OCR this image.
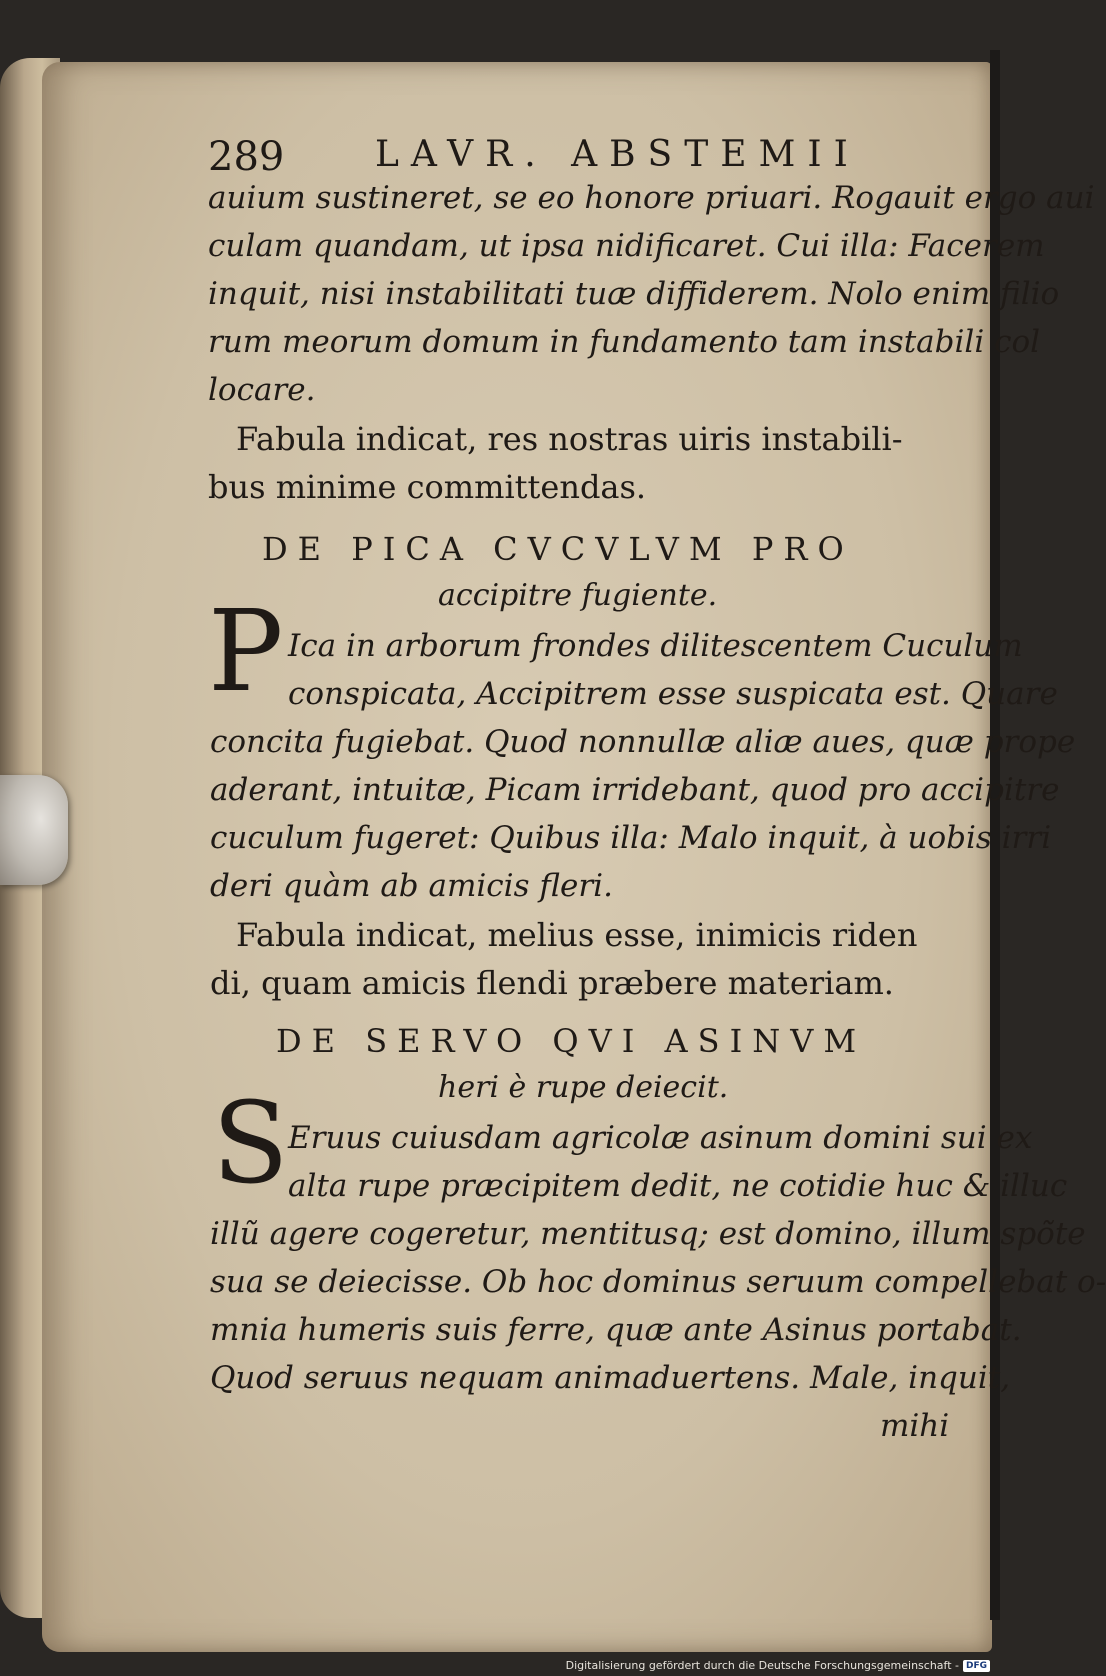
289	LAVR. ABSTEMII
auium sustineret, se eo honore priuari. Rogauit ergo aui
culam quandam, ut ipsa nidificaret. Cui illa: Facerem
inquit, nisi instabilitati tuæ diffiderem. Nolo enim filio
rum meorum domum in fundamento tam instabili col
locare.
Fabula indicat, res nostras uiris instabili-
bus minime committendas.
DE PICA CVCVLVM PRO
accipitre fugiente.
P Ica in arborum frondes dilitescentem Cuculum
conspicata, Accipitrem esse suspicata est. Quare
concita fugiebat. Quod nonnullæ aliæ aues, quæ prope
aderant, intuitæ, Picam irridebant, quod pro accipitre
cuculum fugeret: Quibus illa: Malo inquit, à uobis irri
deri quàm ab amicis fleri.
Fabula indicat, melius esse, inimicis riden
di, quam amicis flendi præbere materiam.
DE SERVO QVI ASINVM
heri è rupe deiecit.
S Eruus cuiusdam agricolæ asinum domini sui ex
alta rupe præcipitem dedit, ne cotidie huc & illuc
illũ agere cogeretur, mentitusq; est domino, illum spõte
sua se deiecisse. Ob hoc dominus seruum compellebat o-
mnia humeris suis ferre, quæ ante Asinus portabat.
Quod seruus nequam animaduertens. Male, inquit,
mihi
Digitalisierung gefördert durch die Deutsche Forschungsgemeinschaft - DFG
